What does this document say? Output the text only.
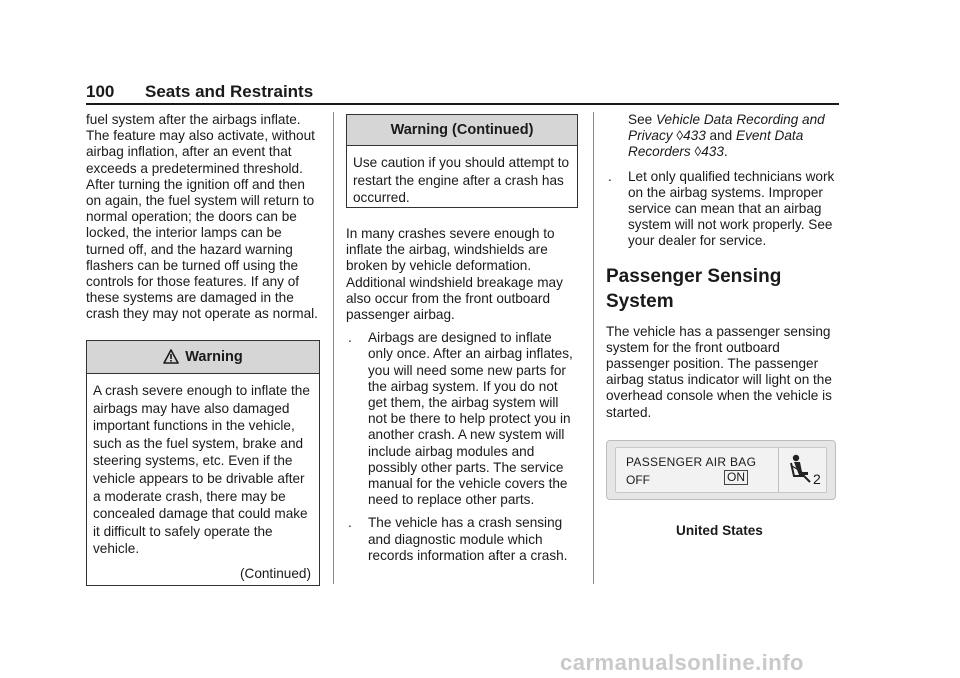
100 Seats and Restraints

fuel system after the airbags inflate. The feature may also activate, without airbag inflation, after an event that exceeds a predetermined threshold. After turning the ignition off and then on again, the fuel system will return to normal operation; the doors can be locked, the interior lamps can be turned off, and the hazard warning flashers can be turned off using the controls for those features. If any of these systems are damaged in the crash they may not operate as normal.

Warning
A crash severe enough to inflate the airbags may have also damaged important functions in the vehicle, such as the fuel system, brake and steering systems, etc. Even if the vehicle appears to be drivable after a moderate crash, there may be concealed damage that could make it difficult to safely operate the vehicle.
(Continued)
Warning (Continued)
Use caution if you should attempt to restart the engine after a crash has occurred.

In many crashes severe enough to inflate the airbag, windshields are broken by vehicle deformation. Additional windshield breakage may also occur from the front outboard passenger airbag.

.	Airbags are designed to inflate only once. After an airbag inflates, you will need some new parts for the airbag system. If you do not get them, the airbag system will not be there to help protect you in another crash. A new system will include airbag modules and possibly other parts. The service manual for the vehicle covers the need to replace other parts.
.	The vehicle has a crash sensing and diagnostic module which records information after a crash.

See Vehicle Data Recording and Privacy ◊433 and Event Data Recorders ◊433.

.	Let only qualified technicians work on the airbag systems. Improper service can mean that an airbag system will not work properly. See your dealer for service.
Passenger Sensing System

The vehicle has a passenger sensing system for the front outboard passenger position. The passenger airbag status indicator will light on the overhead console when the vehicle is started.

PASSENGER AIR BAG
OFF	ON	2
United States
carmanualsonline.info
